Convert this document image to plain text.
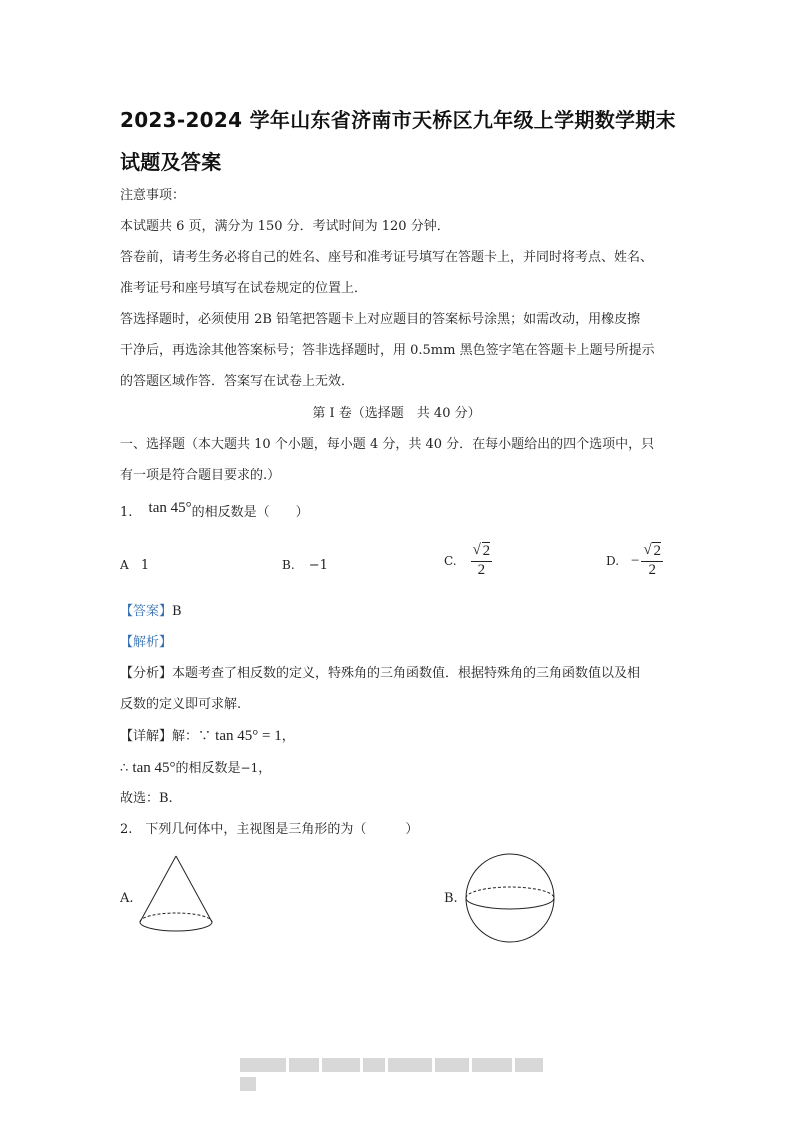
2023-2024 学年山东省济南市天桥区九年级上学期数学期末
试题及答案
注意事项：
本试题共 6 页，满分为 150 分．考试时间为 120 分钟．
答卷前，请考生务必将自己的姓名、座号和准考证号填写在答题卡上，并同时将考点、姓名、
准考证号和座号填写在试卷规定的位置上．
答选择题时，必须使用 2B 铅笔把答题卡上对应题目的答案标号涂黑；如需改动，用橡皮擦
干净后，再选涂其他答案标号；答非选择题时，用 0.5mm 黑色签字笔在答题卡上题号所提示
的答题区域作答．答案写在试卷上无效．
第 I 卷（选择题　共 40 分）
一、选择题（本大题共 10 个小题，每小题 4 分，共 40 分．在每小题给出的四个选项中，只
有一项是符合题目要求的.）
1. tan 45°的相反数是（　　）
A 1	B. −1	C. $\frac{√ 2}{2}$	D. − $\frac{√ 2}{2}$
【答案】B
【解析】
【分析】本题考查了相反数的定义，特殊角的三角函数值．根据特殊角的三角函数值以及相
反数的定义即可求解.
【详解】解：∵ tan 45° = 1，
∴ tan 45°的相反数是−1，
故选：B.
2.　下列几何体中，主视图是三角形的为（　　　）
A.	B.
